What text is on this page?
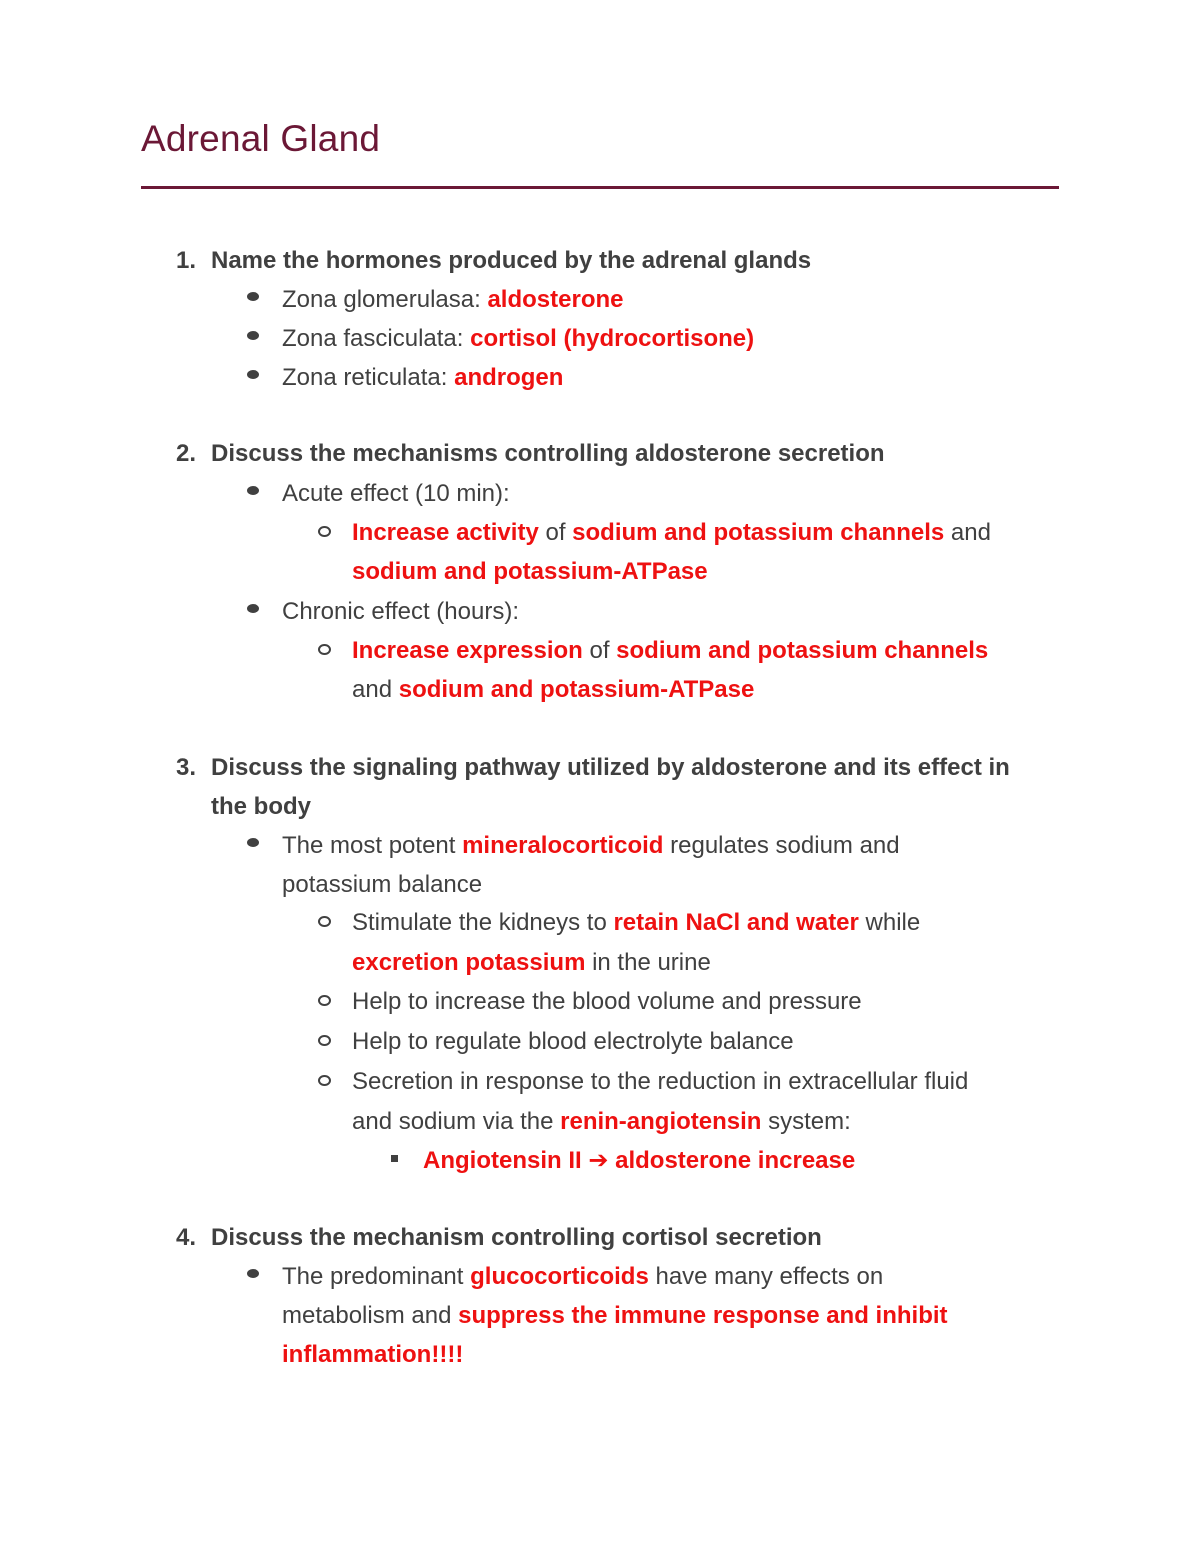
Adrenal Gland
1. Name the hormones produced by the adrenal glands
Zona glomerulasa: aldosterone
Zona fasciculata: cortisol (hydrocortisone)
Zona reticulata: androgen
2. Discuss the mechanisms controlling aldosterone secretion
Acute effect (10 min):
Increase activity of sodium and potassium channels and
sodium and potassium-ATPase
Chronic effect (hours):
Increase expression of sodium and potassium channels
and sodium and potassium-ATPase
3. Discuss the signaling pathway utilized by aldosterone and its effect in
the body
The most potent mineralocorticoid regulates sodium and
potassium balance
Stimulate the kidneys to retain NaCl and water while
excretion potassium in the urine
Help to increase the blood volume and pressure
Help to regulate blood electrolyte balance
Secretion in response to the reduction in extracellular fluid
and sodium via the renin-angiotensin system:
Angiotensin II ➔ aldosterone increase
4. Discuss the mechanism controlling cortisol secretion
The predominant glucocorticoids have many effects on
metabolism and suppress the immune response and inhibit
inflammation!!!!
